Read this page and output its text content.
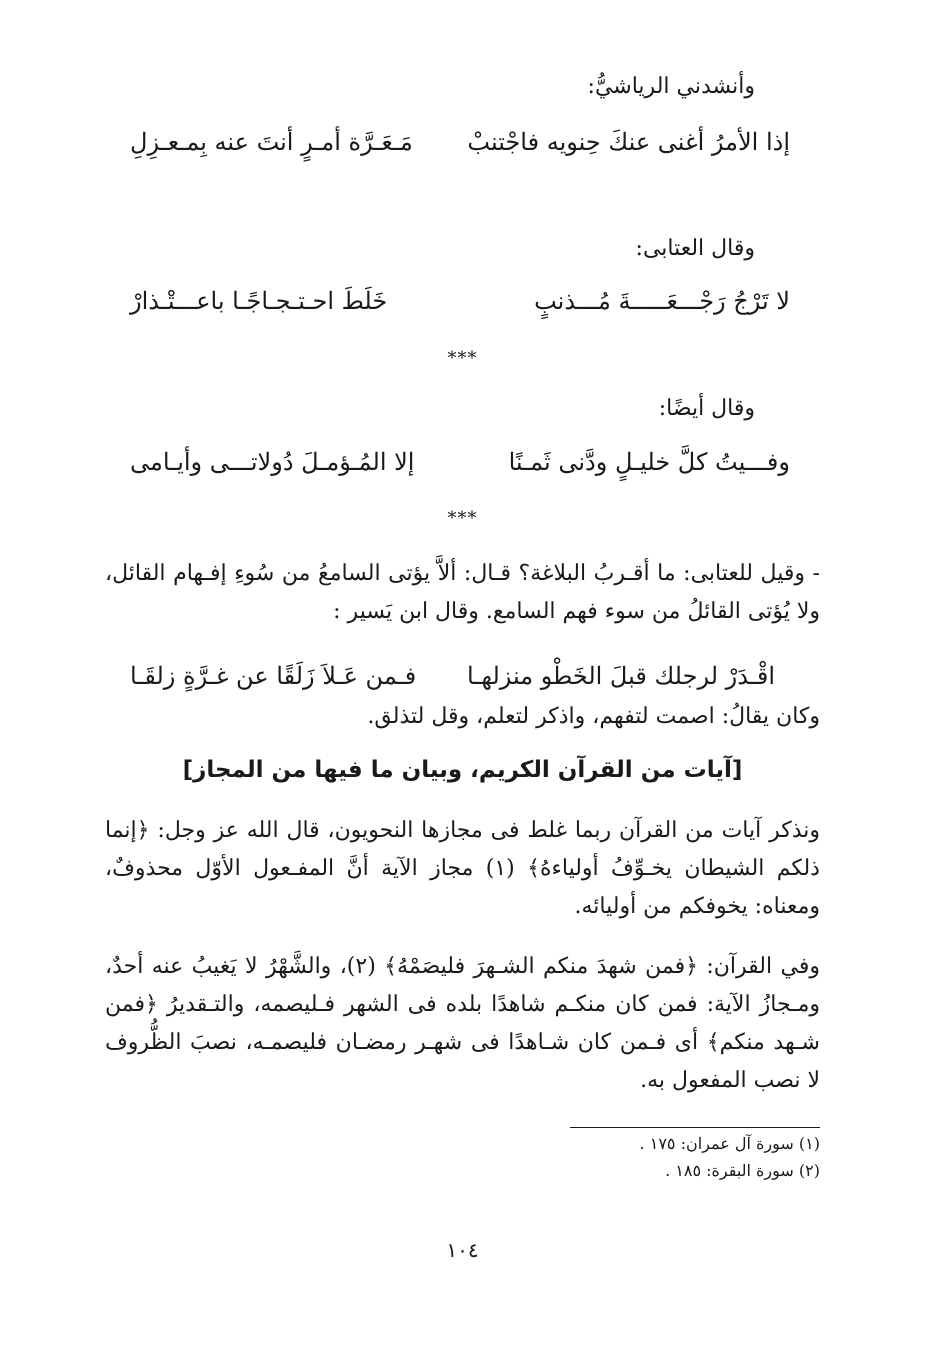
وأنشدني الرياشيُّ:
إذا الأمرُ أغنى عنكَ حِنويه فاجْتنبْ
مَـعَـرَّة أمـرٍ أنتَ عنه بِمـعـزِلِ
وقال العتابى:
لا تَرْجُ رَجْـــعَـــــةَ مُـــذنبٍ
خَلَطَ احـتـجـاجًـا باعـــتْـذارْ
***
وقال أيضًا:
وفـــيتُ كلَّ خليـلٍ ودَّنى ثَمـنًا
إلا المُـؤمـلَ دُولاتـــى وأيـامى
***
- وقيل للعتابى: ما أقـربُ البلاغة؟ قـال: ألاَّ يؤتى السامعُ من سُوءِ إفـهام القائل، ولا يُؤتى القائلُ من سوء فهم السامع. وقال ابن يَسير :
اقْـدَرْ لرجلك قبلَ الخَطْو منزلهـا
فـمن عَـلاَ زَلَقًا عن غـرَّةٍ زلقَـا
وكان يقالُ: اصمت لتفهم، واذكر لتعلم، وقل لتذلق.
[آيات من القرآن الكريم، وبيان ما فيها من المجاز]
ونذكر آيات من القرآن ربما غلط فى مجازها النحويون، قال الله عز وجل: ﴿إنما ذلكم الشيطان يخـوِّفُ أولياءهُ﴾ (١) مجاز الآية أنَّ المفـعول الأوّل محذوفٌ، ومعناه: يخوفكم من أوليائه.
وفي القرآن: ﴿فمن شهدَ منكم الشـهرَ فليصَمْهُ﴾ (٢)، والشَّهْرُ لا يَغيبُ عنه أحدٌ، ومـجازُ الآية: فمن كان منكـم شاهدًا بلده فى الشهر فـليصمه، والتـقديرُ ﴿فمن شـهد منكم﴾ أى فـمن كان شـاهدًا فى شهـر رمضـان فليصمـه، نصبَ الظُّروف لا نصب المفعول به.
(١) سورة آل عمران: ١٧٥ .
(٢) سورة البقرة: ١٨٥ .
١٠٤
